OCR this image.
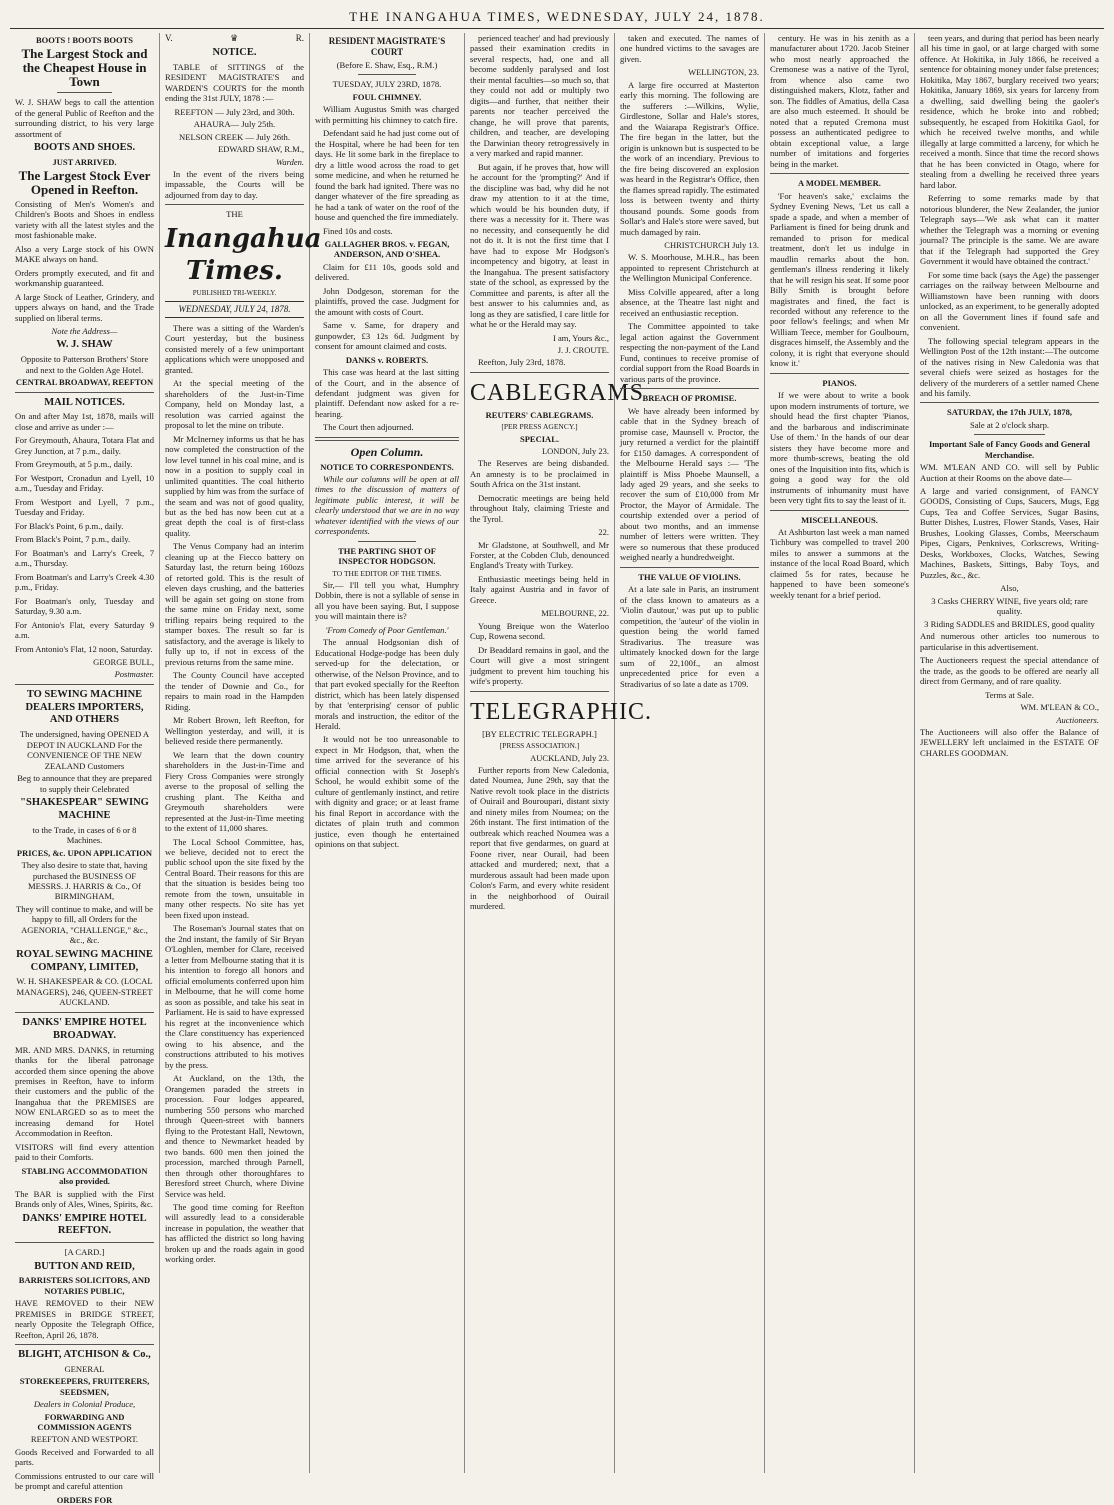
THE INANGAHUA TIMES, WEDNESDAY, JULY 24, 1878.
BOOTS ! BOOTS BOOTS
The Largest Stock and the Cheapest House in Town

W. J. SHAW begs to call the attention of the general Public of Reefton and the surrounding district, to his very large assortment of

BOOTS AND SHOES.
JUST ARRIVED.
The Largest Stock Ever Opened in Reefton.

Consisting of Men's Women's and Children's Boots and Shoes in endless variety with all the latest styles and the most fashionable make.

Also a very Large stock of his OWN MAKE always on hand.

Orders promptly executed, and fit and workmanship guaranteed.

A large Stock of Leather, Grindery, and uppers always on hand, and the Trade supplied on liberal terms.

Note the Address—
W. J. SHAW
Opposite to Patterson Brothers' Store and next to the Golden Age Hotel.
CENTRAL BROADWAY, REEFTON
MAIL NOTICES.

On and after May 1st, 1878, mails will close and arrive as under :—

For Greymouth, Ahaura, Totara Flat and Grey Junction, at 7 p.m., daily.

From Greymouth, at 5 p.m., daily.

For Westport, Cronadun and Lyell, 10 a.m., Tuesday and Friday.

From Westport and Lyell, 7 p.m., Tuesday and Friday.

For Black's Point, 6 p.m., daily.

From Black's Point, 7 p.m., daily.

For Boatman's and Larry's Creek, 7 a.m., Thursday.

From Boatman's and Larry's Creek 4.30 p.m., Friday.

For Boatman's only, Tuesday and Saturday, 9.30 a.m.

For Antonio's Flat, every Saturday 9 a.m.

From Antonio's Flat, 12 noon, Saturday.

GEORGE BULL,
Postmaster.
TO SEWING MACHINE DEALERS IMPORTERS, AND OTHERS
The undersigned, having OPENED A DEPOT IN AUCKLAND For the CONVENIENCE OF THE NEW ZEALAND Customers
Beg to announce that they are prepared to supply their Celebrated
"SHAKESPEAR" SEWING MACHINE
to the Trade, in cases of 6 or 8 Machines.
PRICES, &c. UPON APPLICATION
They also desire to state that, having purchased the BUSINESS OF MESSRS. J. HARRIS & Co., Of BIRMINGHAM,
They will continue to make, and will be happy to fill, all Orders for the AGENORIA, "CHALLENGE," &c., &c., &c.
ROYAL SEWING MACHINE COMPANY, LIMITED,
W. H. SHAKESPEAR & CO. (LOCAL MANAGERS), 246, QUEEN-STREET AUCKLAND.
DANKS' EMPIRE HOTEL BROADWAY.

MR. AND MRS. DANKS, in returning thanks for the liberal patronage accorded them since opening the above premises in Reefton, have to inform their customers and the public of the Inangahua that the PREMISES are NOW ENLARGED so as to meet the increasing demand for Hotel Accommodation in Reefton.

VISITORS will find every attention paid to their Comforts.

STABLING ACCOMMODATION also provided.

The BAR is supplied with the First Brands only of Ales, Wines, Spirits, &c.

DANKS' EMPIRE HOTEL REEFTON.
[A CARD.]
BUTTON AND REID,
BARRISTERS SOLICITORS, AND NOTARIES PUBLIC,

HAVE REMOVED to their NEW PREMISES in BRIDGE STREET, nearly Opposite the Telegraph Office, Reefton, April 26, 1878.

BLIGHT, ATCHISON & Co.,
GENERAL
STOREKEEPERS, FRUITERERS, SEEDSMEN,
Dealers in Colonial Produce,
FORWARDING AND COMMISSION AGENTS
REEFTON AND WESTPORT.

Goods Received and Forwarded to all parts.

Commissions entrusted to our care will be prompt and careful attention

ORDERS FOR
V.	♛	R.
NOTICE.

TABLE of SITTINGS of the RESIDENT MAGISTRATE'S and WARDEN'S COURTS for the month ending the 31st JULY, 1878 :—

REEFTON — July 23rd, and 30th.
AHAURA— July 25th.
NELSON CREEK — July 26th.
EDWARD SHAW, R.M.,
Warden.

In the event of the rivers being impassable, the Courts will be adjourned from day to day.

THE
Inangahua Times.
PUBLISHED TRI-WEEKLY.
WEDNESDAY, JULY 24, 1878.

There was a sitting of the Warden's Court yesterday, but the business consisted merely of a few unimportant applications which were unopposed and granted.

At the special meeting of the shareholders of the Just-in-Time Company, held on Monday last, a resolution was carried against the proposal to let the mine on tribute.

Mr McInerney informs us that he has now completed the construction of the low level tunnel in his coal mine, and is now in a position to supply coal in unlimited quantities. The coal hitherto supplied by him was from the surface of the seam and was not of good quality, but as the bed has now been cut at a great depth the coal is of first-class quality.

The Venus Company had an interim cleaning up at the Fiecco battery on Saturday last, the return being 160ozs of retorted gold. This is the result of eleven days crushing, and the batteries will be again set going on stone from the same mine on Friday next, some trifling repairs being required to the stamper boxes. The result so far is satisfactory, and the average is likely to fully up to, if not in excess of the previous returns from the same mine.

The County Council have accepted the tender of Downie and Co., for repairs to main road in the Hampden Riding.

Mr Robert Brown, left Reefton, for Wellington yesterday, and will, it is believed reside there permanently.

We learn that the down country shareholders in the Just-in-Time and Fiery Cross Companies were strongly averse to the proposal of selling the crushing plant. The Keitha and Greymouth shareholders were represented at the Just-in-Time meeting to the extent of 11,000 shares.

The Local School Committee, has, we believe, decided not to erect the public school upon the site fixed by the Central Board. Their reasons for this are that the situation is besides being too remote from the town, unsuitable in many other respects. No site has yet been fixed upon instead.

The Roseman's Journal states that on the 2nd instant, the family of Sir Bryan O'Loghlen, member for Clare, received a letter from Melbourne stating that it is his intention to forego all honors and official emoluments conferred upon him in Melbourne, that he will come home as soon as possible, and take his seat in Parliament. He is said to have expressed his regret at the inconvenience which the Clare constituency has experienced owing to his absence, and the constructions attributed to his motives by the press.

At Auckland, on the 13th, the Orangemen paraded the streets in procession. Four lodges appeared, numbering 550 persons who marched through Queen-street with banners flying to the Protestant Hall, Newtown, and thence to Newmarket headed by two bands. 600 men then joined the procession, marched through Parnell, then through other thoroughfares to Beresford street Church, where Divine Service was held.

The good time coming for Reefton will assuredly lead to a considerable increase in population, the weather that has afflicted the district so long having broken up and the roads again in good working order.

RESIDENT MAGISTRATE'S COURT
(Before E. Shaw, Esq., R.M.)
TUESDAY, JULY 23RD, 1878.
FOUL CHIMNEY.

William Augustus Smith was charged with permitting his chimney to catch fire.

Defendant said he had just come out of the Hospital, where he had been for ten days. He lit some bark in the fireplace to dry a little wood across the road to get some medicine, and when he returned he found the bark had ignited. There was no danger whatever of the fire spreading as he had a tank of water on the roof of the house and quenched the fire immediately.

Fined 10s and costs.

GALLAGHER BROS. v. FEGAN, ANDERSON, AND O'SHEA.

Claim for £11 10s, goods sold and delivered.

John Dodgeson, storeman for the plaintiffs, proved the case. Judgment for the amount with costs of Court.

Same v. Same, for drapery and gunpowder, £3 12s 6d. Judgment by consent for amount claimed and costs.

DANKS v. ROBERTS.

This case was heard at the last sitting of the Court, and in the absence of defendant judgment was given for plaintiff. Defendant now asked for a re-hearing.

The Court then adjourned.

Open Column.
NOTICE TO CORRESPONDENTS.

While our columns will be open at all times to the discussion of matters of legitimate public interest, it will be clearly understood that we are in no way whatever identified with the views of our correspondents.

THE PARTING SHOT OF INSPECTOR HODGSON.
TO THE EDITOR OF THE TIMES.

Sir,— I'll tell you what, Humphry Dobbin, there is not a syllable of sense in all you have been saying. But, I suppose you will maintain there is?

'From Comedy of Poor Gentleman.'

The annual Hodgsonian dish of Educational Hodge-podge has been duly served-up for the delectation, or otherwise, of the Nelson Province, and to that part evoked specially for the Reefton district, which has been lately dispensed by that 'enterprising' censor of public morals and instruction, the editor of the Herald.

It would not be too unreasonable to expect in Mr Hodgson, that, when the time arrived for the severance of his official connection with St Joseph's School, he would exhibit some of the culture of gentlemanly instinct, and retire with dignity and grace; or at least frame his final Report in accordance with the dictates of plain truth and common justice, even though he entertained opinions on that subject.

perienced teacher' and had previously passed their examination credits in several respects, had, one and all become suddenly paralysed and lost their mental faculties—so much so, that they could not add or multiply two digits—and further, that neither their parents nor teacher perceived the change, he will prove that parents, children, and teacher, are developing the Darwinian theory retrogressively in a very marked and rapid manner.

But again, if he proves that, how will he account for the 'prompting?' And if the discipline was bad, why did he not draw my attention to it at the time, which would be his bounden duty, if there was a necessity for it. There was no necessity, and consequently he did not do it. It is not the first time that I have had to expose Mr Hodgson's incompetency and bigotry, at least in the Inangahua. The present satisfactory state of the school, as expressed by the Committee and parents, is after all the best answer to his calumnies and, as long as they are satisfied, I care little for what he or the Herald may say.

I am, Yours &c.,
J. J. CROUTE.

Reefton, July 23rd, 1878.

CABLEGRAMS
REUTERS' CABLEGRAMS.
[PER PRESS AGENCY.]
SPECIAL.
LONDON, July 23.

The Reserves are being disbanded. An amnesty is to be proclaimed in South Africa on the 31st instant.

Democratic meetings are being held throughout Italy, claiming Trieste and the Tyrol.

22.

Mr Gladstone, at Southwell, and Mr Forster, at the Cobden Club, denounced England's Treaty with Turkey.

Enthusiastic meetings being held in Italy against Austria and in favor of Greece.

MELBOURNE, 22.

Young Breique won the Waterloo Cup, Rowena second.

Dr Beaddard remains in gaol, and the Court will give a most stringent judgment to prevent him touching his wife's property.

TELEGRAPHIC.
[BY ELECTRIC TELEGRAPH.]
[PRESS ASSOCIATION.]
AUCKLAND, July 23.

Further reports from New Caledonia, dated Noumea, June 29th, say that the Native revolt took place in the districts of Ouirail and Bouroupari, distant sixty and ninety miles from Noumea; on the 26th instant. The first intimation of the outbreak which reached Noumea was a report that five gendarmes, on guard at Foone river, near Ourail, had been attacked and murdered; next, that a murderous assault had been made upon Colon's Farm, and every white resident in the neighborhood of Ouirail murdered.

taken and executed. The names of one hundred victims to the savages are given.

WELLINGTON, 23.

A large fire occurred at Masterton early this morning. The following are the sufferers :—Wilkins, Wylie, Girdlestone, Sollar and Hale's stores, and the Waiarapa Registrar's Office. The fire began in the latter, but the origin is unknown but is suspected to be the work of an incendiary. Previous to the fire being discovered an explosion was heard in the Registrar's Office, then the flames spread rapidly. The estimated loss is between twenty and thirty thousand pounds. Some goods from Sollar's and Hale's store were saved, but much damaged by rain.

CHRISTCHURCH July 13.

W. S. Moorhouse, M.H.R., has been appointed to represent Christchurch at the Wellington Municipal Conference.

Miss Colville appeared, after a long absence, at the Theatre last night and received an enthusiastic reception.

The Committee appointed to take legal action against the Government respecting the non-payment of the Land Fund, continues to receive promise of cordial support from the Road Boards in various parts of the province.

BREACH OF PROMISE.

We have already been informed by cable that in the Sydney breach of promise case, Maunsell v. Proctor, the jury returned a verdict for the plaintiff for £150 damages. A correspondent of the Melbourne Herald says :— 'The plaintiff is Miss Phoebe Maunsell, a lady aged 29 years, and she seeks to recover the sum of £10,000 from Mr Proctor, the Mayor of Armidale. The courtship extended over a period of about two months, and an immense number of letters were written. They were so numerous that these produced weighed nearly a hundredweight.

THE VALUE OF VIOLINS.

At a late sale in Paris, an instrument of the class known to amateurs as a 'Violin d'autour,' was put up to public competition, the 'auteur' of the violin in question being the world famed Stradivarius. The treasure was ultimately knocked down for the large sum of 22,100f., an almost unprecedented price for even a Stradivarius of so late a date as 1709.

century. He was in his zenith as a manufacturer about 1720. Jacob Steiner who most nearly approached the Cremonese was a native of the Tyrol, from whence also came two distinguished makers, Klotz, father and son. The fiddles of Amatius, della Casa are also much esteemed. It should be noted that a reputed Cremona must possess an authenticated pedigree to obtain exceptional value, a large number of imitations and forgeries being in the market.

A MODEL MEMBER.

'For heaven's sake,' exclaims the Sydney Evening News, 'Let us call a spade a spade, and when a member of Parliament is fined for being drunk and remanded to prison for medical treatment, don't let us indulge in maudlin remarks about the hon. gentleman's illness rendering it likely that he will resign his seat. If some poor Billy Smith is brought before magistrates and fined, the fact is recorded without any reference to the poor fellow's feelings; and when Mr William Teece, member for Goulbourn, disgraces himself, the Assembly and the colony, it is right that everyone should know it.'

PIANOS.

If we were about to write a book upon modern instruments of torture, we should head the first chapter 'Pianos, and the barbarous and indiscriminate Use of them.' In the hands of our dear sisters they have become more and more thumb-screws, beating the old ones of the Inquisition into fits, which is going a good way for the old instruments of inhumanity must have been very tight fits to say the least of it.

MISCELLANEOUS.

At Ashburton last week a man named Tichbury was compelled to travel 200 miles to answer a summons at the instance of the local Road Board, which claimed 5s for rates, because he happened to have been someone's weekly tenant for a brief period.

teen years, and during that period has been nearly all his time in gaol, or at large charged with some offence. At Hokitika, in July 1866, he received a sentence for obtaining money under false pretences; Hokitika, May 1867, burglary received two years; Hokitika, January 1869, six years for larceny from a dwelling, said dwelling being the gaoler's residence, which he broke into and robbed; subsequently, he escaped from Hokitika Gaol, for which he received twelve months, and while illegally at large committed a larceny, for which he received a month. Since that time the record shows that he has been convicted in Otago, where for stealing from a dwelling he received three years hard labor.

Referring to some remarks made by that notorious blunderer, the New Zealander, the junior Telegraph says—'We ask what can it matter whether the Telegraph was a morning or evening journal? The principle is the same. We are aware that if the Telegraph had supported the Grey Government it would have obtained the contract.'

For some time back (says the Age) the passenger carriages on the railway between Melbourne and Williamstown have been running with doors unlocked, as an experiment, to be generally adopted on all the Government lines if found safe and convenient.

The following special telegram appears in the Wellington Post of the 12th instant:—The outcome of the natives rising in New Caledonia was that several chiefs were seized as hostages for the delivery of the murderers of a settler named Chene and his family.

SATURDAY, the 17th JULY, 1878,
Sale at 2 o'clock sharp.
Important Sale of Fancy Goods and General Merchandise.

WM. M'LEAN AND CO. will sell by Public Auction at their Rooms on the above date—

A large and varied consignment, of FANCY GOODS, Consisting of Cups, Saucers, Mugs, Egg Cups, Tea and Coffee Services, Sugar Basins, Butter Dishes, Lustres, Flower Stands, Vases, Hair Brushes, Looking Glasses, Combs, Meerschaum Pipes, Cigars, Penknives, Corkscrews, Writing-Desks, Workboxes, Clocks, Watches, Sewing Machines, Baskets, Sittings, Baby Toys, and Puzzles, &c., &c.

Also,
3 Casks CHERRY WINE, five years old; rare quality.
3 Riding SADDLES and BRIDLES, good quality

And numerous other articles too numerous to particularise in this advertisement.

The Auctioneers request the special attendance of the trade, as the goods to be offered are nearly all direct from Germany, and of rare quality.

Terms at Sale.
WM. M'LEAN & CO.,
Auctioneers.

The Auctioneers will also offer the Balance of JEWELLERY left unclaimed in the ESTATE OF CHARLES GOODMAN.
